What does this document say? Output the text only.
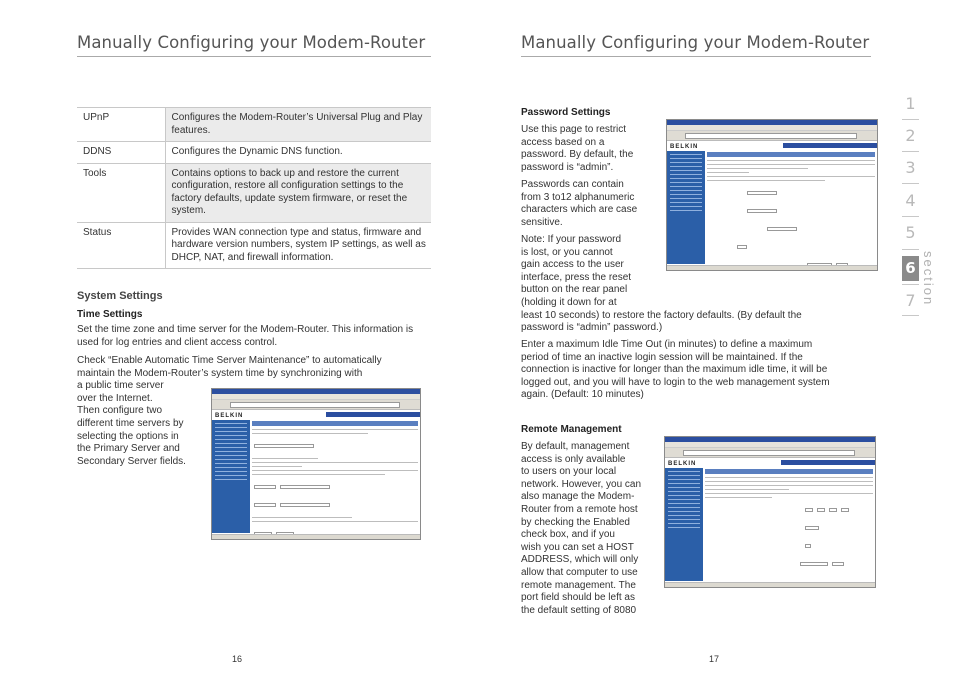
Manually Configuring your Modem-Router
UPnP	Configures the Modem-Router’s Universal Plug and Play features.
DDNS	Configures the Dynamic DNS function.
Tools	Contains options to back up and restore the current configuration, restore all configuration settings to the factory defaults, update system firmware, or reset the system.
Status	Provides WAN connection type and status, firmware and hardware version numbers, system IP settings, as well as DHCP, NAT, and firewall information.
System Settings
Time Settings
Set the time zone and time server for the Modem-Router. This information is used for log entries and client access control.
Check “Enable Automatic Time Server Maintenance” to automatically
maintain the Modem-Router’s system time by synchronizing with
a public time server
over the Internet.
Then configure two
different time servers by
selecting the options in
the Primary Server and
Secondary Server fields.
BELKIN
16
Manually Configuring your Modem-Router
Password Settings
Use this page to restrict
access based on a
password. By default, the
password is “admin”.
Passwords can contain
from 3 to12 alphanumeric
characters which are case
sensitive.
Note: If your password
is lost, or you cannot
gain access to the user
interface, press the reset
button on the rear panel
(holding it down for at
least 10 seconds) to restore the factory defaults. (By default the
password is “admin” password.)
Enter a maximum Idle Time Out (in minutes) to define a maximum
period of time an inactive login session will be maintained. If the
connection is inactive for longer than the maximum idle time, it will be
logged out, and you will have to login to the web management system
again. (Default: 10 minutes)
BELKIN
Remote Management
By default, management
access is only available
to users on your local
network. However, you can
also manage the Modem-
Router from a remote host
by checking the Enabled
check box, and if you
wish you can set a HOST
ADDRESS, which will only
allow that computer to use
remote management. The
port field should be left as
the default setting of 8080
BELKIN
17
1
2
3
4
5
6
7 section
